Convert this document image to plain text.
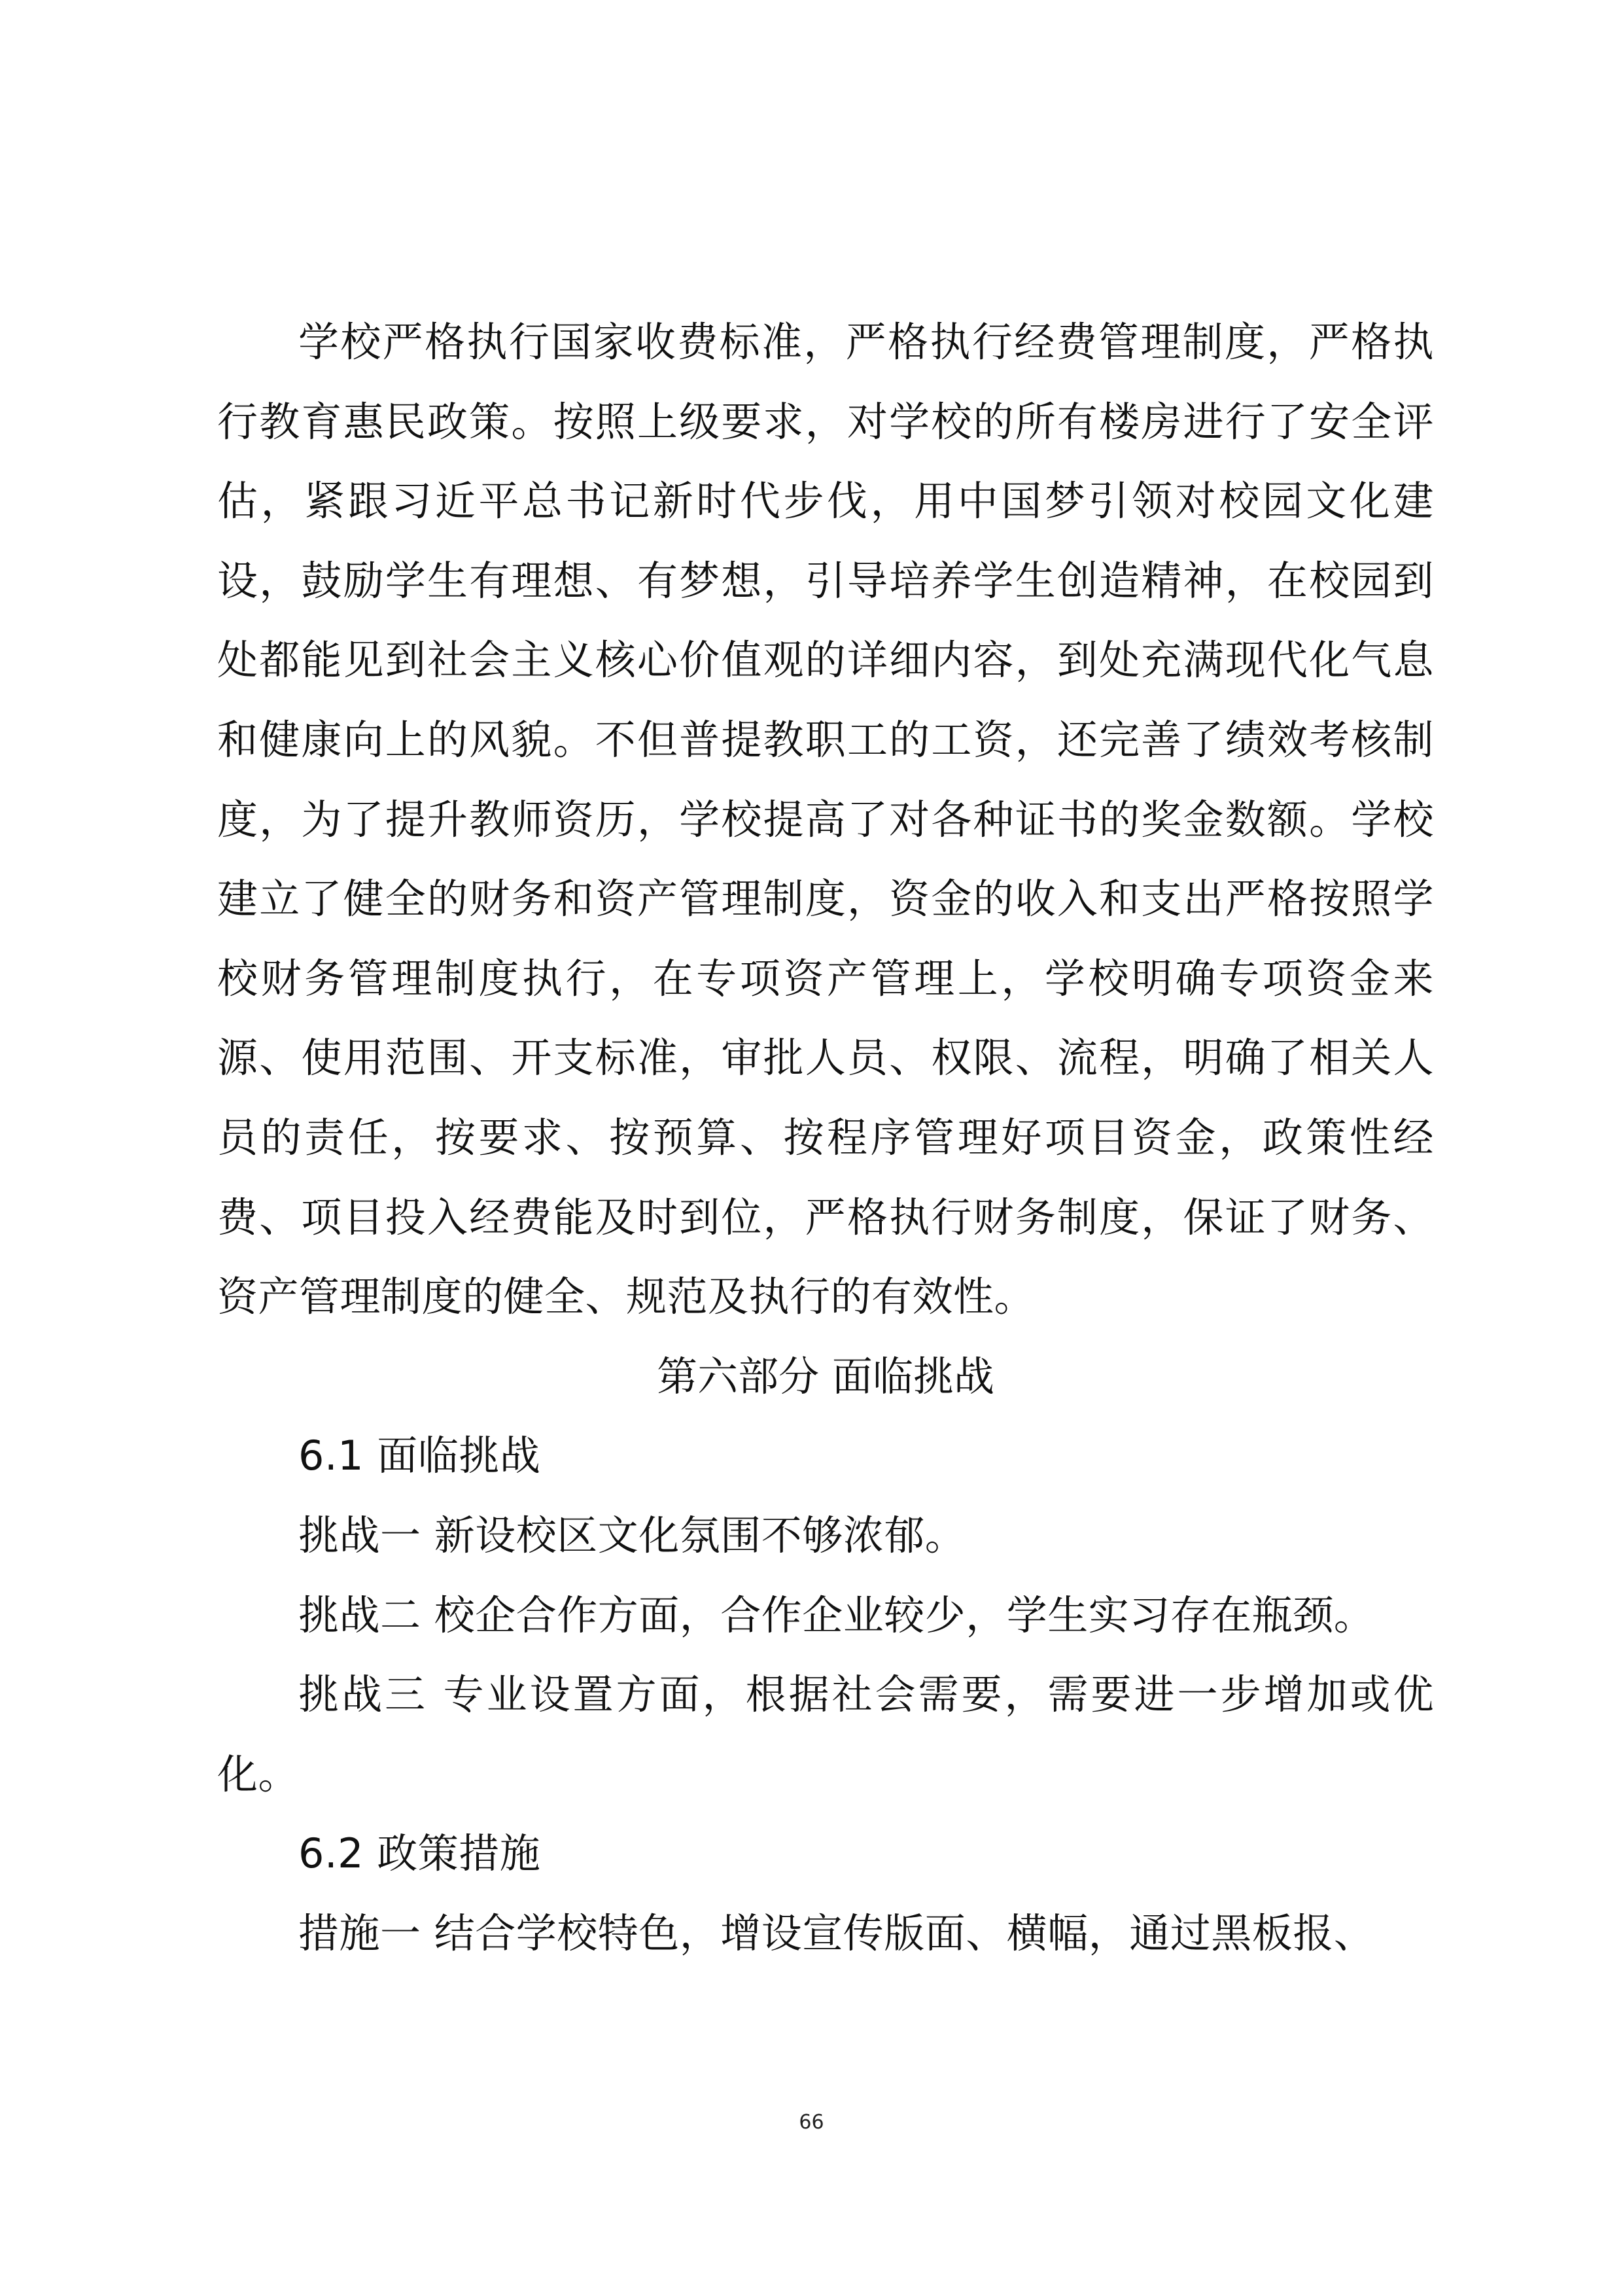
学校严格执行国家收费标准，严格执行经费管理制度，严格执行教育惠民政策。按照上级要求，对学校的所有楼房进行了安全评估，紧跟习近平总书记新时代步伐，用中国梦引领对校园文化建设，鼓励学生有理想、有梦想，引导培养学生创造精神，在校园到处都能见到社会主义核心价值观的详细内容，到处充满现代化气息和健康向上的风貌。不但普提教职工的工资，还完善了绩效考核制度，为了提升教师资历，学校提高了对各种证书的奖金数额。学校建立了健全的财务和资产管理制度，资金的收入和支出严格按照学校财务管理制度执行，在专项资产管理上，学校明确专项资金来源、使用范围、开支标准，审批人员、权限、流程，明确了相关人员的责任，按要求、按预算、按程序管理好项目资金，政策性经费、项目投入经费能及时到位，严格执行财务制度，保证了财务、资产管理制度的健全、规范及执行的有效性。

第六部分 面临挑战

6.1 面临挑战

挑战一 新设校区文化氛围不够浓郁。

挑战二 校企合作方面，合作企业较少，学生实习存在瓶颈。

挑战三 专业设置方面，根据社会需要，需要进一步增加或优化。

6.2 政策措施

措施一 结合学校特色，增设宣传版面、横幅，通过黑板报、

66
